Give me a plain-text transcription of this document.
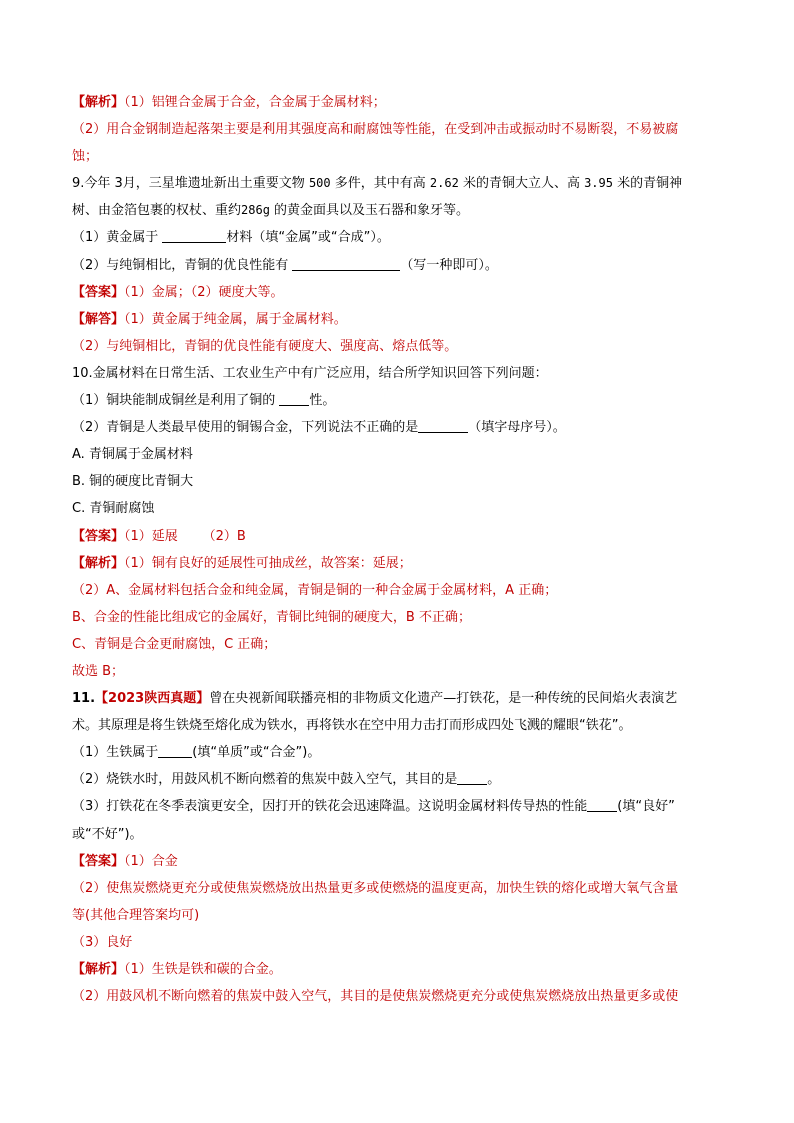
【解析】（1）铝锂合金属于合金，合金属于金属材料；
（2）用合金钢制造起落架主要是利用其强度高和耐腐蚀等性能，在受到冲击或振动时不易断裂，不易被腐
蚀；
9.今年 3月，三星堆遗址新出土重要文物 500 多件，其中有高 2.62 米的青铜大立人、高 3.95 米的青铜神
树、由金箔包裹的权杖、重约286g 的黄金面具以及玉石器和象牙等。
（1）黄金属于	材料（填“金属”或“合成”）。
（2）与纯铜相比，青铜的优良性能有	（写一种即可）。
【答案】（1）金属；（2）硬度大等。
【解答】（1）黄金属于纯金属，属于金属材料。
（2）与纯铜相比，青铜的优良性能有硬度大、强度高、熔点低等。
10.金属材料在日常生活、工农业生产中有广泛应用，结合所学知识回答下列问题：
（1）铜块能制成铜丝是利用了铜的 性。
（2）青铜是人类最早使用的铜锡合金，下列说法不正确的是	（填字母序号）。
A. 青铜属于金属材料
B. 铜的硬度比青铜大
C. 青铜耐腐蚀
【答案】（1）延展      （2）B
【解析】（1）铜有良好的延展性可抽成丝，故答案：延展；
（2）A、金属材料包括合金和纯金属，青铜是铜的一种合金属于金属材料，A 正确；
B、合金的性能比组成它的金属好，青铜比纯铜的硬度大，B 不正确；
C、青铜是合金更耐腐蚀，C 正确；
故选 B；
11.【2023陕西真题】曾在央视新闻联播亮相的非物质文化遗产—打铁花，是一种传统的民间焰火表演艺
术。其原理是将生铁烧至熔化成为铁水，再将铁水在空中用力击打而形成四处飞溅的耀眼“铁花”。
（1）生铁属于	(填“单质”或“合金”)。
（2）烧铁水时，用鼓风机不断向燃着的焦炭中鼓入空气，其目的是 。
（3）打铁花在冬季表演更安全，因打开的铁花会迅速降温。这说明金属材料传导热的性能 (填“良好”
或“不好”)。
【答案】（1）合金
（2）使焦炭燃烧更充分或使焦炭燃烧放出热量更多或使燃烧的温度更高，加快生铁的熔化或增大氧气含量
等(其他合理答案均可)
（3）良好
【解析】（1）生铁是铁和碳的合金。
（2）用鼓风机不断向燃着的焦炭中鼓入空气，其目的是使焦炭燃烧更充分或使焦炭燃烧放出热量更多或使
